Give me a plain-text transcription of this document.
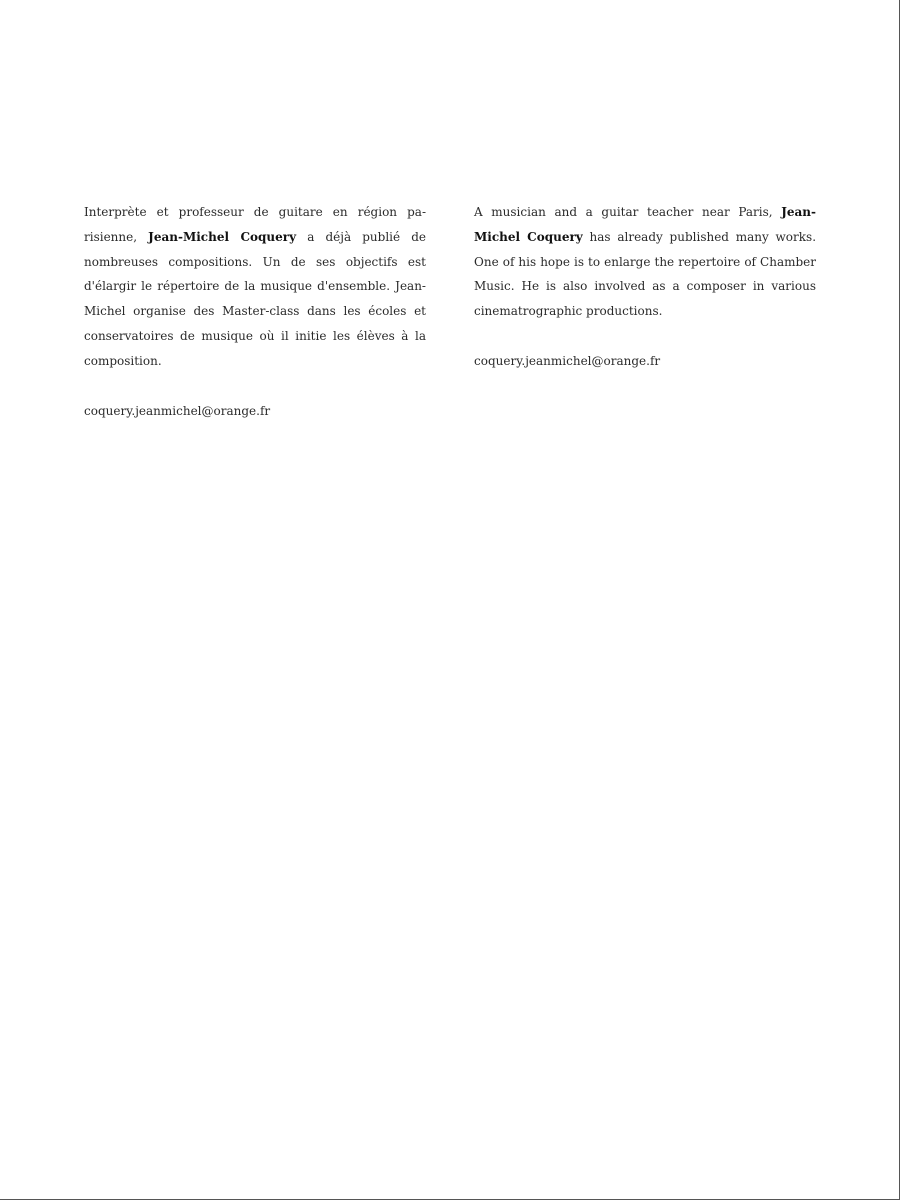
Interprète et professeur de guitare en région parisienne, Jean-Michel Coquery a déjà publié de nombreuses compositions. Un de ses objectifs est d'élargir le répertoire de la musique d'ensemble. Jean-Michel organise des Master-class dans les écoles et conservatoires de musique où il initie les élèves à la composition.

coquery.jeanmichel@orange.fr

A musician and a guitar teacher near Paris, Jean-Michel Coquery has already published many works. One of his hope is to enlarge the repertoire of Chamber Music. He is also involved as a composer in various cinematrographic productions.

coquery.jeanmichel@orange.fr
